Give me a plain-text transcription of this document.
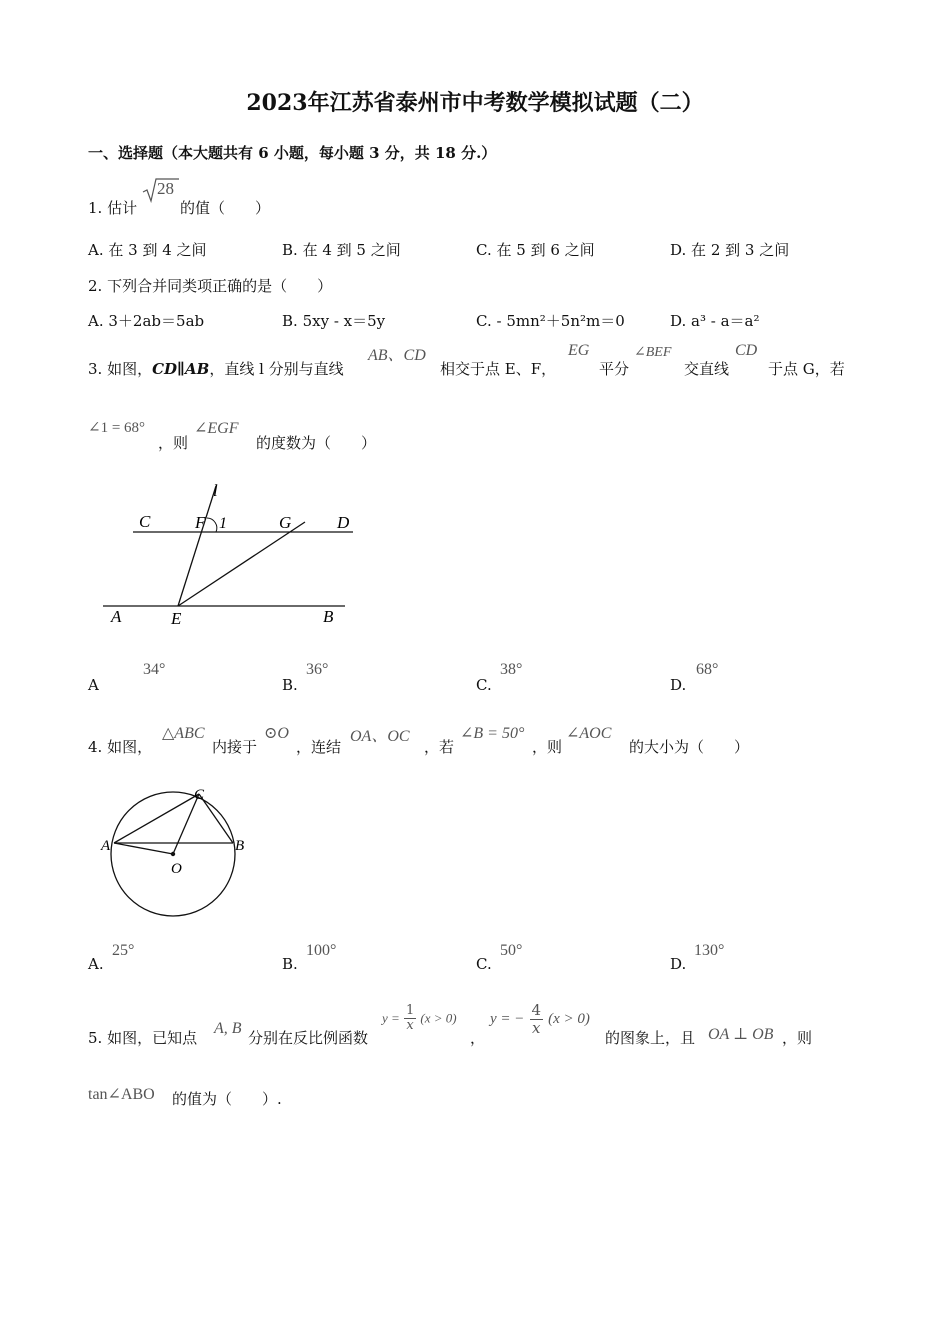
2023年江苏省泰州市中考数学模拟试题（二）
一、选择题（本大题共有 6 小题，每小题 3 分，共 18 分.）
1. 估计
28
的值（　　）
A. 在 3 到 4 之间	B. 在 4 到 5 之间	C. 在 5 到 6 之间	D. 在 2 到 3 之间
2. 下列合并同类项正确的是（　　）
A. 3＋2ab＝5ab	B. 5xy - x＝5y	C. - 5mn²＋5n²m＝0	D. a³ - a＝a²
3. 如图，CD∥AB，直线 l 分别与直线
AB、CD
相交于点 E、F，
EG
平分
∠BEF
交直线
CD
于点 G，若
∠1 = 68°
，则
∠EGF
的度数为（　　）
l
C	F 1	G	D
A	E	B
A
34°
B.
36°
C.
38°
D.
68°
4. 如图，
△ABC
内接于
⊙O
，连结
OA、OC
，若
∠B = 50°
，则
∠AOC
的大小为（　　）
A	B
C
O
A.
25°
B.
100°
C.
50°
D.
130°
5. 如图，已知点
A, B
分别在反比例函数
$y = \frac{1}{x} (x > 0)$
，
y = − $\frac{4}{x} (x > 0)$
的图象上，且 OA ⊥ OB ，则
tan∠ABO 的值为（　　）.
